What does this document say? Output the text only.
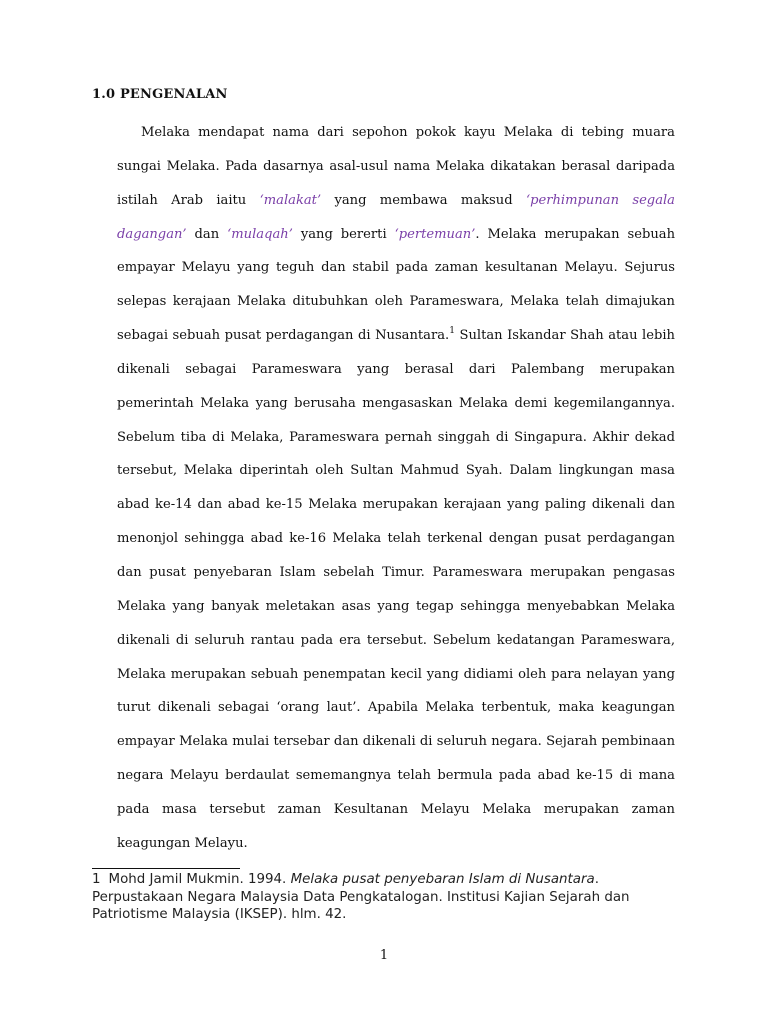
1.0 PENGENALAN

Melaka mendapat nama dari sepohon pokok kayu Melaka di tebing muara sungai Melaka. Pada dasarnya asal-usul nama Melaka dikatakan berasal daripada istilah Arab iaitu ‘malakat’ yang membawa maksud ‘perhimpunan segala dagangan’ dan ‘mulaqah’ yang bererti ‘pertemuan’. Melaka merupakan sebuah empayar Melayu yang teguh dan stabil pada zaman kesultanan Melayu. Sejurus selepas kerajaan Melaka ditubuhkan oleh Parameswara, Melaka telah dimajukan sebagai sebuah pusat perdagangan di Nusantara.$^1$ Sultan Iskandar Shah atau lebih dikenali sebagai Parameswara yang berasal dari Palembang merupakan pemerintah Melaka yang berusaha mengasaskan Melaka demi kegemilangannya. Sebelum tiba di Melaka, Parameswara pernah singgah di Singapura. Akhir dekad tersebut, Melaka diperintah oleh Sultan Mahmud Syah. Dalam lingkungan masa abad ke-14 dan abad ke-15 Melaka merupakan kerajaan yang paling dikenali dan menonjol sehingga abad ke-16 Melaka telah terkenal dengan pusat perdagangan dan pusat penyebaran Islam sebelah Timur. Parameswara merupakan pengasas Melaka yang banyak meletakan asas yang tegap sehingga menyebabkan Melaka dikenali di seluruh rantau pada era tersebut. Sebelum kedatangan Parameswara, Melaka merupakan sebuah penempatan kecil yang didiami oleh para nelayan yang turut dikenali sebagai ‘orang laut’. Apabila Melaka terbentuk, maka keagungan empayar Melaka mulai tersebar dan dikenali di seluruh negara. Sejarah pembinaan negara Melayu berdaulat sememangnya telah bermula pada abad ke-15 di mana pada masa tersebut zaman Kesultanan Melayu Melaka merupakan zaman keagungan Melayu.

1 Mohd Jamil Mukmin. 1994. Melaka pusat penyebaran Islam di Nusantara. Perpustakaan Negara Malaysia Data Pengkatalogan. Institusi Kajian Sejarah dan Patriotisme Malaysia (IKSEP). hlm. 42.
1
